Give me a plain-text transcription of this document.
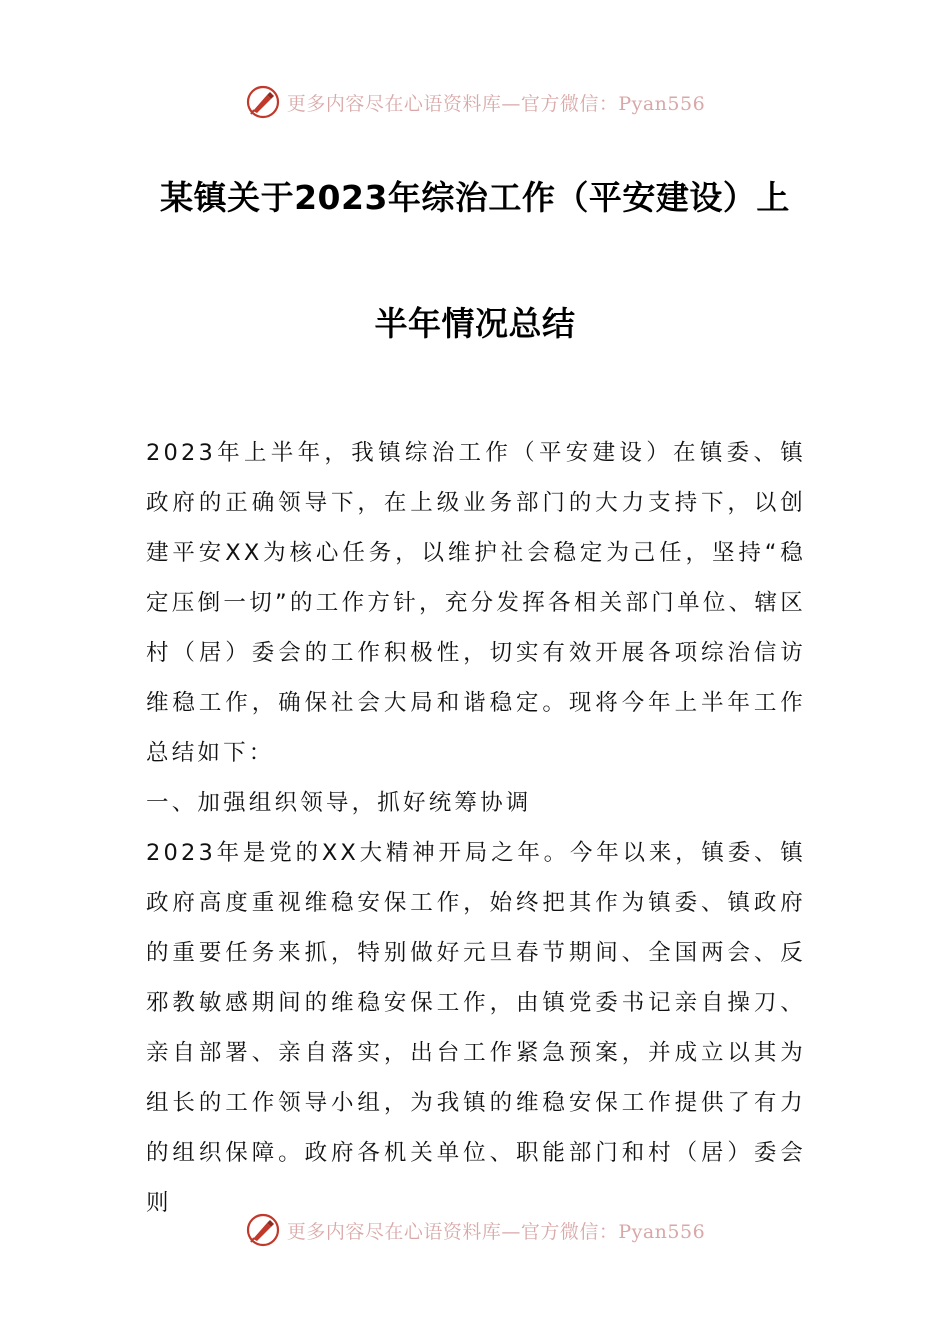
更多内容尽在心语资料库—官方微信：Pyan556
某镇关于2023年综治工作（平安建设）上
半年情况总结

2023年上半年，我镇综治工作（平安建设）在镇委、镇政府的正确领导下，在上级业务部门的大力支持下，以创建平安XX为核心任务，以维护社会稳定为己任，坚持“稳定压倒一切”的工作方针，充分发挥各相关部门单位、辖区村（居）委会的工作积极性，切实有效开展各项综治信访维稳工作，确保社会大局和谐稳定。现将今年上半年工作总结如下：

一、加强组织领导，抓好统筹协调

2023年是党的XX大精神开局之年。今年以来，镇委、镇政府高度重视维稳安保工作，始终把其作为镇委、镇政府的重要任务来抓，特别做好元旦春节期间、全国两会、反邪教敏感期间的维稳安保工作，由镇党委书记亲自操刀、亲自部署、亲自落实，出台工作紧急预案，并成立以其为组长的工作领导小组，为我镇的维稳安保工作提供了有力的组织保障。政府各机关单位、职能部门和村（居）委会则

更多内容尽在心语资料库—官方微信：Pyan556
